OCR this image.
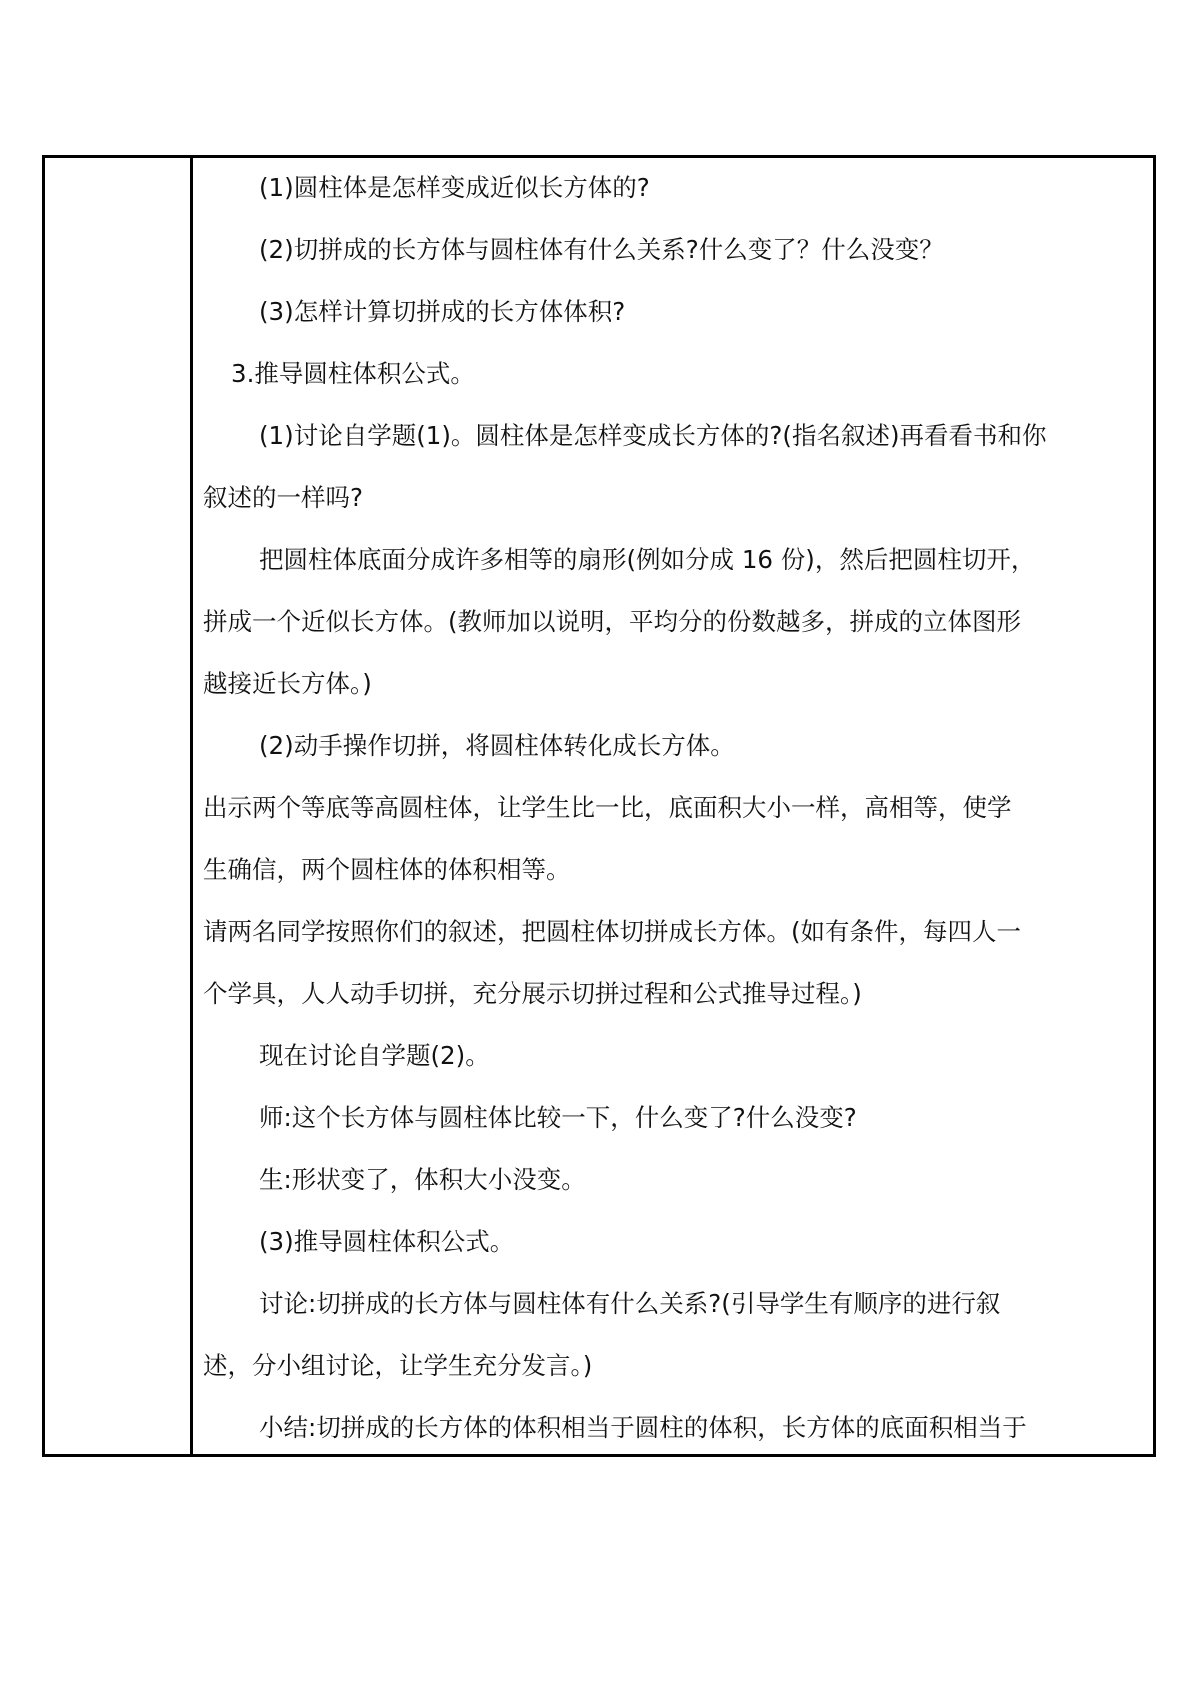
(1)圆柱体是怎样变成近似长方体的?
(2)切拼成的长方体与圆柱体有什么关系?什么变了？什么没变？
(3)怎样计算切拼成的长方体体积?
3.推导圆柱体积公式。
(1)讨论自学题(1)。圆柱体是怎样变成长方体的?(指名叙述)再看看书和你
叙述的一样吗?
把圆柱体底面分成许多相等的扇形(例如分成 16 份)，然后把圆柱切开，
拼成一个近似长方体。(教师加以说明，平均分的份数越多，拼成的立体图形
越接近长方体。)
(2)动手操作切拼，将圆柱体转化成长方体。
出示两个等底等高圆柱体，让学生比一比，底面积大小一样，高相等，使学
生确信，两个圆柱体的体积相等。
请两名同学按照你们的叙述，把圆柱体切拼成长方体。(如有条件，每四人一
个学具，人人动手切拼，充分展示切拼过程和公式推导过程。)
现在讨论自学题(2)。
师:这个长方体与圆柱体比较一下，什么变了?什么没变?
生:形状变了，体积大小没变。
(3)推导圆柱体积公式。
讨论:切拼成的长方体与圆柱体有什么关系?(引导学生有顺序的进行叙
述，分小组讨论，让学生充分发言。)
小结:切拼成的长方体的体积相当于圆柱的体积，长方体的底面积相当于
